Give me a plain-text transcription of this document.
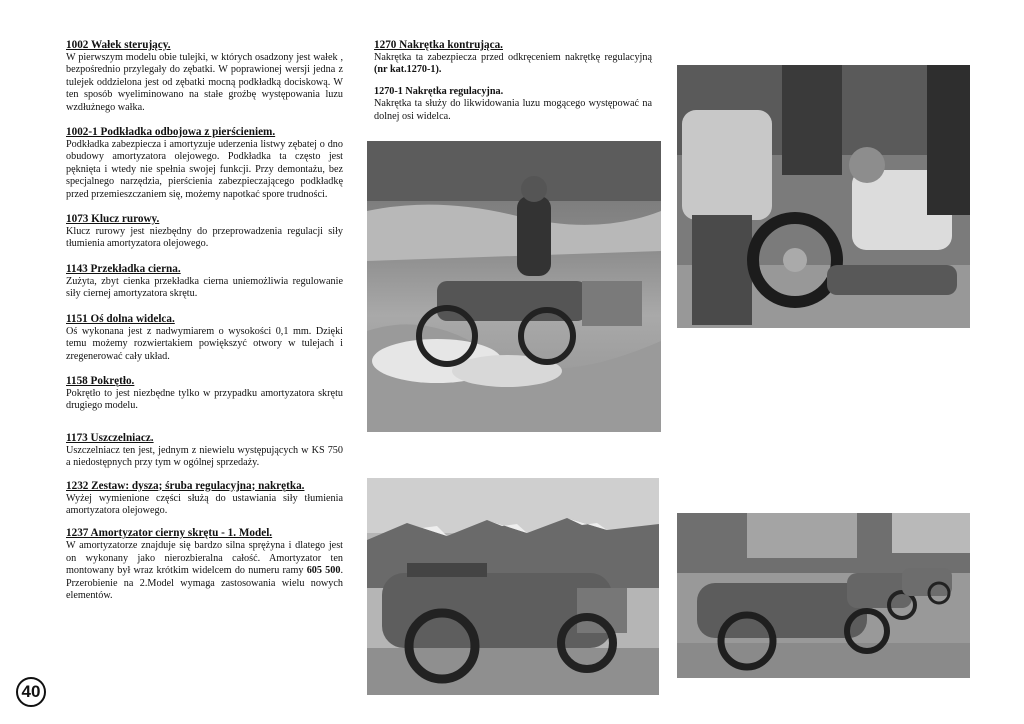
1002 Wałek sterujący.

W pierwszym modelu obie tulejki, w których osadzony jest wałek , bezpośrednio przylegały do zębatki. W poprawionej wersji jedna z tulejek oddzielona jest od zębatki mocną podkładką dociskową. W ten sposób wyeliminowano na stałe groźbę występowania luzu wzdłużnego wałka.

1002-1 Podkładka odbojowa z pierścieniem.

Podkładka zabezpiecza i amortyzuje uderzenia listwy zębatej o dno obudowy amortyzatora olejowego. Podkładka ta często jest pęknięta i wtedy nie spełnia swojej funkcji. Przy demontażu, bez specjalnego narzędzia, pierścienia zabezpieczającego podkładkę przed przemieszczaniem się, możemy napotkać spore trudności.

1073 Klucz rurowy.

Klucz rurowy jest niezbędny do przeprowadzenia regulacji siły tłumienia amortyzatora olejowego.

1143 Przekładka cierna.

Zużyta, zbyt cienka przekładka cierna uniemożliwia regulowanie siły ciernej amortyzatora skrętu.

1151 Oś dolna widelca.

Oś wykonana jest z nadwymiarem o wysokości 0,1 mm. Dzięki temu możemy rozwiertakiem powiększyć otwory w tulejach i zregenerować cały układ.

1158 Pokrętło.

Pokrętło to jest niezbędne tylko w przypadku amortyzatora skrętu drugiego modelu.

1173 Uszczelniacz.

Uszczelniacz ten jest, jednym z niewielu występujących w KS 750 a niedostępnych przy tym w ogólnej sprzedaży.

1232 Zestaw: dysza; śruba regulacyjna; nakrętka.

Wyżej wymienione części służą do ustawiania siły tłumienia amortyzatora olejowego.

1237 Amortyzator cierny skrętu - 1. Model.

W amortyzatorze znajduje się bardzo silna sprężyna i dlatego jest on wykonany jako nierozbieralna całość. Amortyzator ten montowany był wraz krótkim widelcem do numeru ramy 605 500. Przerobienie na 2.Model wymaga zastosowania wielu nowych elementów.

1270 Nakrętka kontrująca.

Nakrętka ta zabezpiecza przed odkręceniem nakrętkę regulacyjną (nr kat.1270-1).

1270-1 Nakrętka regulacyjna.

Nakrętka ta służy do likwidowania luzu mogącego występować na dolnej osi widelca.

40
